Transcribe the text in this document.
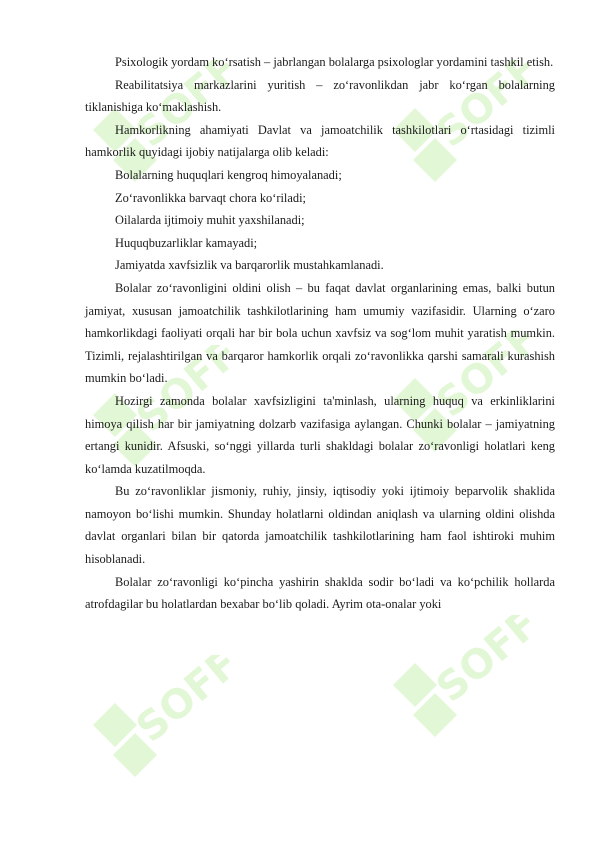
SOFF	SOFF
SOFF	SOFF
SOFF	SOFF

Psixologik yordam ko‘rsatish – jabrlangan bolalarga psixologlar yordamini tashkil etish.

Reabilitatsiya markazlarini yuritish – zo‘ravonlikdan jabr ko‘rgan bolalarning tiklanishiga ko‘maklashish.

Hamkorlikning ahamiyati Davlat va jamoatchilik tashkilotlari o‘rtasidagi tizimli hamkorlik quyidagi ijobiy natijalarga olib keladi:

Bolalarning huquqlari kengroq himoyalanadi;

Zo‘ravonlikka barvaqt chora ko‘riladi;

Oilalarda ijtimoiy muhit yaxshilanadi;

Huquqbuzarliklar kamayadi;

Jamiyatda xavfsizlik va barqarorlik mustahkamlanadi.

Bolalar zo‘ravonligini oldini olish – bu faqat davlat organlarining emas, balki butun jamiyat, xususan jamoatchilik tashkilotlarining ham umumiy vazifasidir. Ularning o‘zaro hamkorlikdagi faoliyati orqali har bir bola uchun xavfsiz va sog‘lom muhit yaratish mumkin. Tizimli, rejalashtirilgan va barqaror hamkorlik orqali zo‘ravonlikka qarshi samarali kurashish mumkin bo‘ladi.

Hozirgi zamonda bolalar xavfsizligini ta'minlash, ularning huquq va erkinliklarini himoya qilish har bir jamiyatning dolzarb vazifasiga aylangan. Chunki bolalar – jamiyatning ertangi kunidir. Afsuski, so‘nggi yillarda turli shakldagi bolalar zo‘ravonligi holatlari keng ko‘lamda kuzatilmoqda.

Bu zo‘ravonliklar jismoniy, ruhiy, jinsiy, iqtisodiy yoki ijtimoiy beparvolik shaklida namoyon bo‘lishi mumkin. Shunday holatlarni oldindan aniqlash va ularning oldini olishda davlat organlari bilan bir qatorda jamoatchilik tashkilotlarining ham faol ishtiroki muhim hisoblanadi.

Bolalar zo‘ravonligi ko‘pincha yashirin shaklda sodir bo‘ladi va ko‘pchilik hollarda atrofdagilar bu holatlardan bexabar bo‘lib qoladi. Ayrim ota-onalar yoki
